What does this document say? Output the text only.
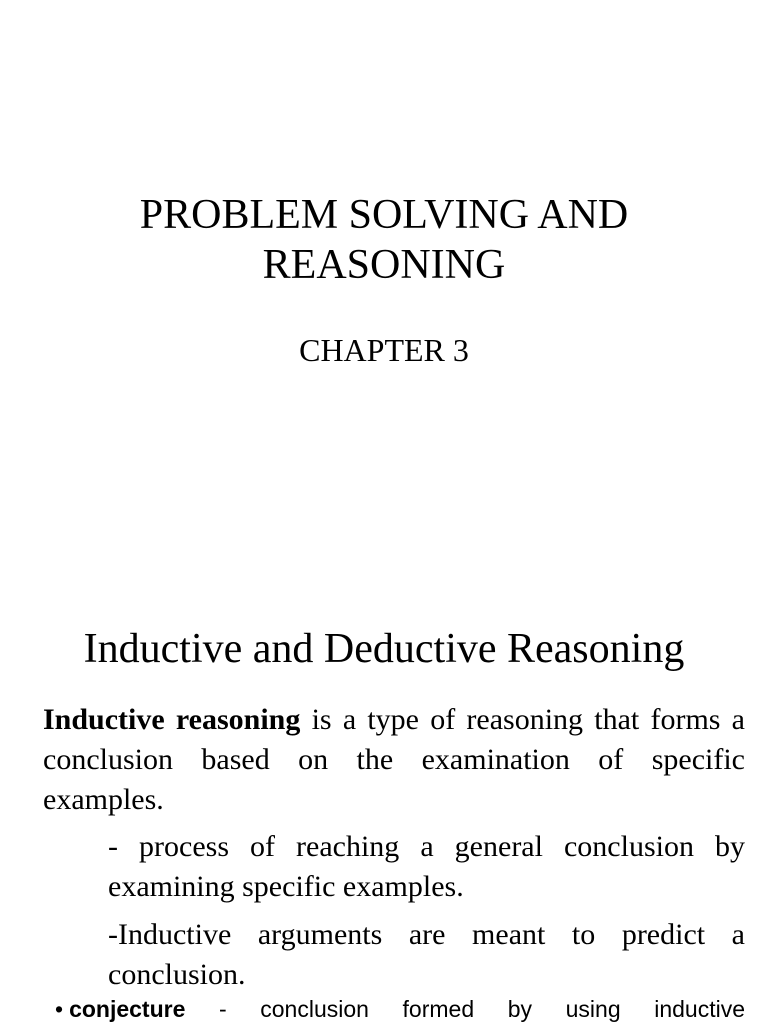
PROBLEM SOLVING AND
REASONING
CHAPTER 3
Inductive and Deductive Reasoning

Inductive reasoning is a type of reasoning that forms a conclusion based on the examination of specific examples.

- process of reaching a general conclusion by examining specific examples.

-Inductive arguments are meant to predict a conclusion.

• conjecture - conclusion formed by using inductive
